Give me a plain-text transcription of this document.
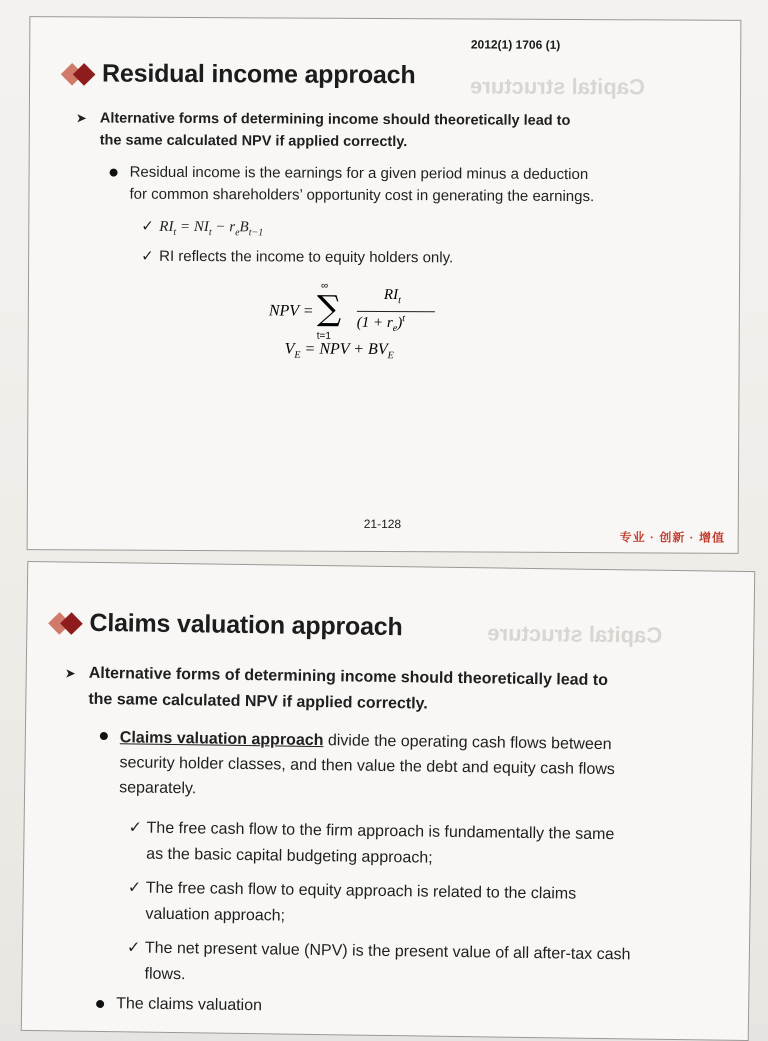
2012(1) 1706 (1)
Residual income approach
➤ Alternative forms of determining income should theoretically lead to
the same calculated NPV if applied correctly.
Residual income is the earnings for a given period minus a deduction
for common shareholders’ opportunity cost in generating the earnings.
✓ $RI_t = NI_t - r_eB_{t-1}$
✓ RI reflects the income to equity holders only.
NPV =
∞
∑
t=1
$RI_t$
$(1 + r_e)^t$
$V_E$ = NPV + $BV_E$
Capital structure
21-128
专业 · 创新 · 增值
Claims valuation approach	Capital structure
➤ Alternative forms of determining income should theoretically lead to
the same calculated NPV if applied correctly.
Claims valuation approach divide the operating cash flows between
security holder classes, and then value the debt and equity cash flows
separately.
✓ The free cash flow to the firm approach is fundamentally the same
as the basic capital budgeting approach;
✓ The free cash flow to equity approach is related to the claims
valuation approach;
✓ The net present value (NPV) is the present value of all after-tax cash
flows.
The claims valuation
